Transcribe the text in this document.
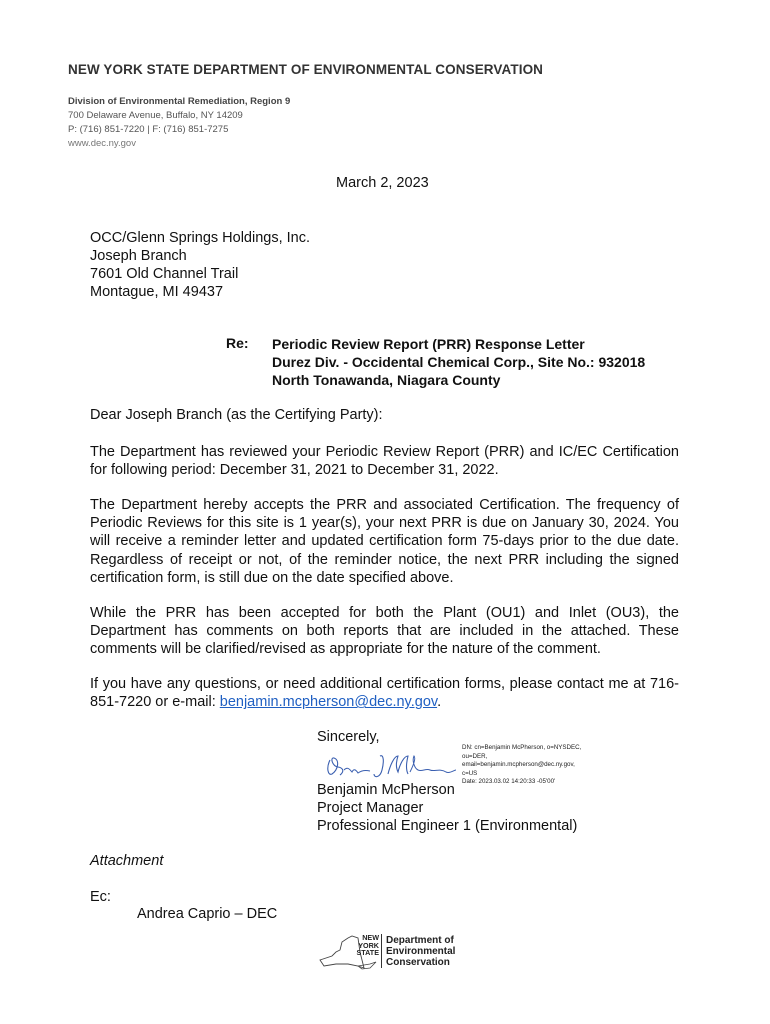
NEW YORK STATE DEPARTMENT OF ENVIRONMENTAL CONSERVATION
Division of Environmental Remediation, Region 9
700 Delaware Avenue, Buffalo, NY 14209
P: (716) 851-7220 | F: (716) 851-7275
www.dec.ny.gov
March 2, 2023
OCC/Glenn Springs Holdings, Inc.
Joseph Branch
7601 Old Channel Trail
Montague, MI 49437
Re: Periodic Review Report (PRR) Response Letter
Durez Div. - Occidental Chemical Corp., Site No.: 932018
North Tonawanda, Niagara County
Dear Joseph Branch (as the Certifying Party):
The Department has reviewed your Periodic Review Report (PRR) and IC/EC Certification for following period: December 31, 2021 to December 31, 2022.
The Department hereby accepts the PRR and associated Certification. The frequency of Periodic Reviews for this site is 1 year(s), your next PRR is due on January 30, 2024. You will receive a reminder letter and updated certification form 75-days prior to the due date. Regardless of receipt or not, of the reminder notice, the next PRR including the signed certification form, is still due on the date specified above.
While the PRR has been accepted for both the Plant (OU1) and Inlet (OU3), the Department has comments on both reports that are included in the attached. These comments will be clarified/revised as appropriate for the nature of the comment.
If you have any questions, or need additional certification forms, please contact me at 716-851-7220 or e-mail: benjamin.mcpherson@dec.ny.gov.
Sincerely,
DN: cn=Benjamin McPherson, o=NYSDEC,
ou=DER,
email=benjamin.mcpherson@dec.ny.gov,
c=US
Date: 2023.03.02 14:20:33 -05'00'
Benjamin McPherson
Project Manager
Professional Engineer 1 (Environmental)
Attachment
Ec:
Andrea Caprio – DEC
NEW
YORK
STATE
Department of
Environmental
Conservation
